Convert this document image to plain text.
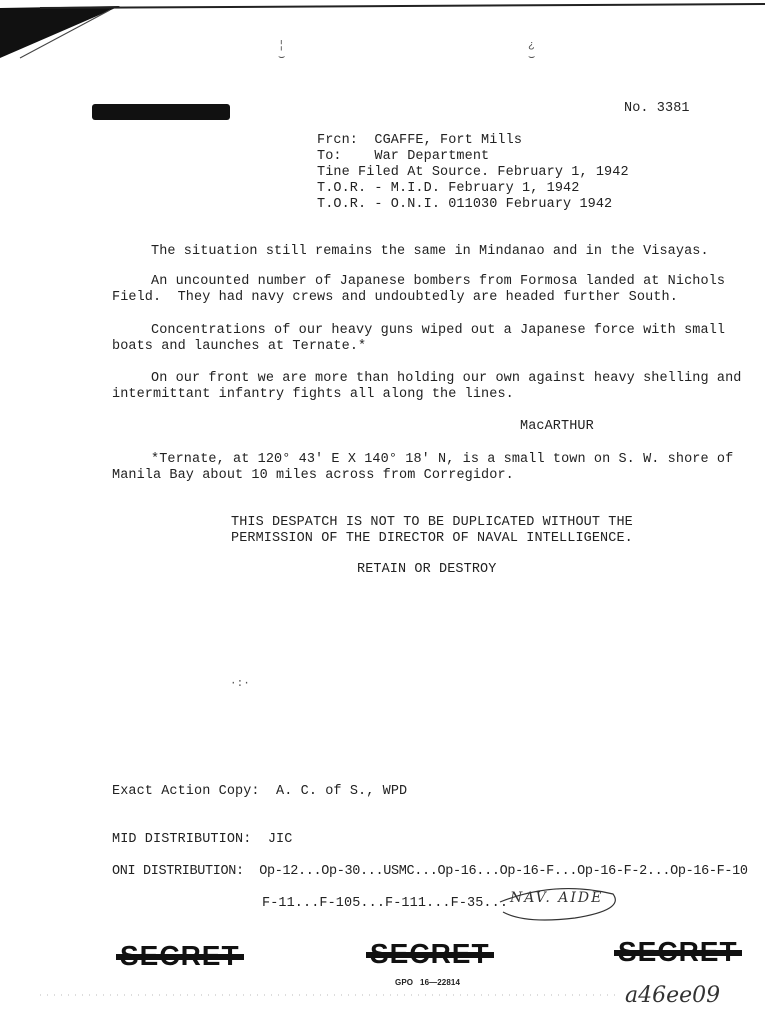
¦
⌣
¿
⌣
No. 3381
Frcn:  CGAFFE, Fort Mills
To:    War Department
Tine Filed At Source. February 1, 1942
T.O.R. - M.I.D. February 1, 1942
T.O.R. - O.N.I. 011030 February 1942
The situation still remains the same in Mindanao and in the Visayas.
An uncounted number of Japanese bombers from Formosa landed at Nichols
Field.  They had navy crews and undoubtedly are headed further South.
Concentrations of our heavy guns wiped out a Japanese force with small
boats and launches at Ternate.*
On our front we are more than holding our own against heavy shelling and
intermittant infantry fights all along the lines.
MacARTHUR
*Ternate, at 120° 43' E X 140° 18' N, is a small town on S. W. shore of
Manila Bay about 10 miles across from Corregidor.
THIS DESPATCH IS NOT TO BE DUPLICATED WITHOUT THE
PERMISSION OF THE DIRECTOR OF NAVAL INTELLIGENCE.
RETAIN OR DESTROY
·:·
Exact Action Copy:  A. C. of S., WPD
MID DISTRIBUTION:  JIC
ONI DISTRIBUTION:  Op-12...Op-30...USMC...Op-16...Op-16-F...Op-16-F-2...Op-16-F-10
F-11...F-105...F-111...F-35... NAV. AIDE
GPO   16—22814
a46ee09
